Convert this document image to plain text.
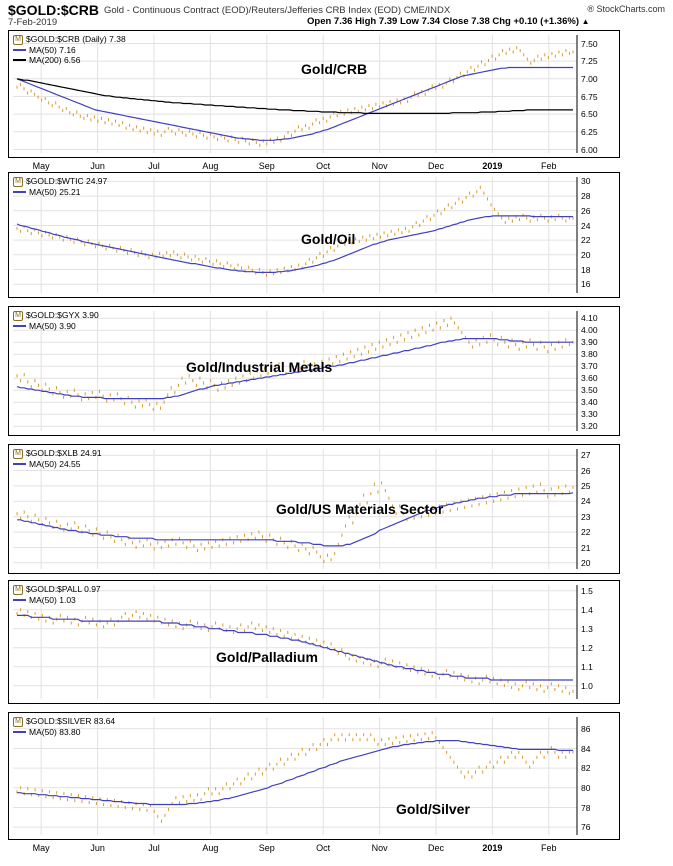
$GOLD:$CRB Gold - Continuous Contract (EOD)/Reuters/Jefferies CRB Index (EOD) CME/INDX
7-Feb-2019	Open 7.36 High 7.39 Low 7.34 Close 7.38 Chg +0.10 (+1.36%) ▲
® StockCharts.com
M $GOLD:$CRB (Daily) 7.38
MA(50) 7.16
MA(200) 6.56
7.50
7.25
7.00
6.75
6.50
6.25
6.00
Gold/CRB
M $GOLD:$WTIC 24.97
MA(50) 25.21
30
28
26
24
22
20
18
16
Gold/Oil
M $GOLD:$GYX 3.90
MA(50) 3.90
4.10
4.00
3.90
3.80
3.70
3.60
3.50
3.40
3.30
3.20
Gold/Industrial Metals
M $GOLD:$XLB 24.91
MA(50) 24.55
27
26
25
24
23
22
21
20
Gold/US Materials Sector
M $GOLD:$PALL 0.97
MA(50) 1.03
1.5
1.4
1.3
1.2
1.1
1.0
Gold/Palladium
M $GOLD:$SILVER 83.64
MA(50) 83.80	86
84
82
80
78
76
Gold/Silver
May	Jun	Jul	Aug	Sep	Oct	Nov	Dec	2019	Feb
May	Jun	Jul	Aug	Sep	Oct	Nov	Dec	2019	Feb
